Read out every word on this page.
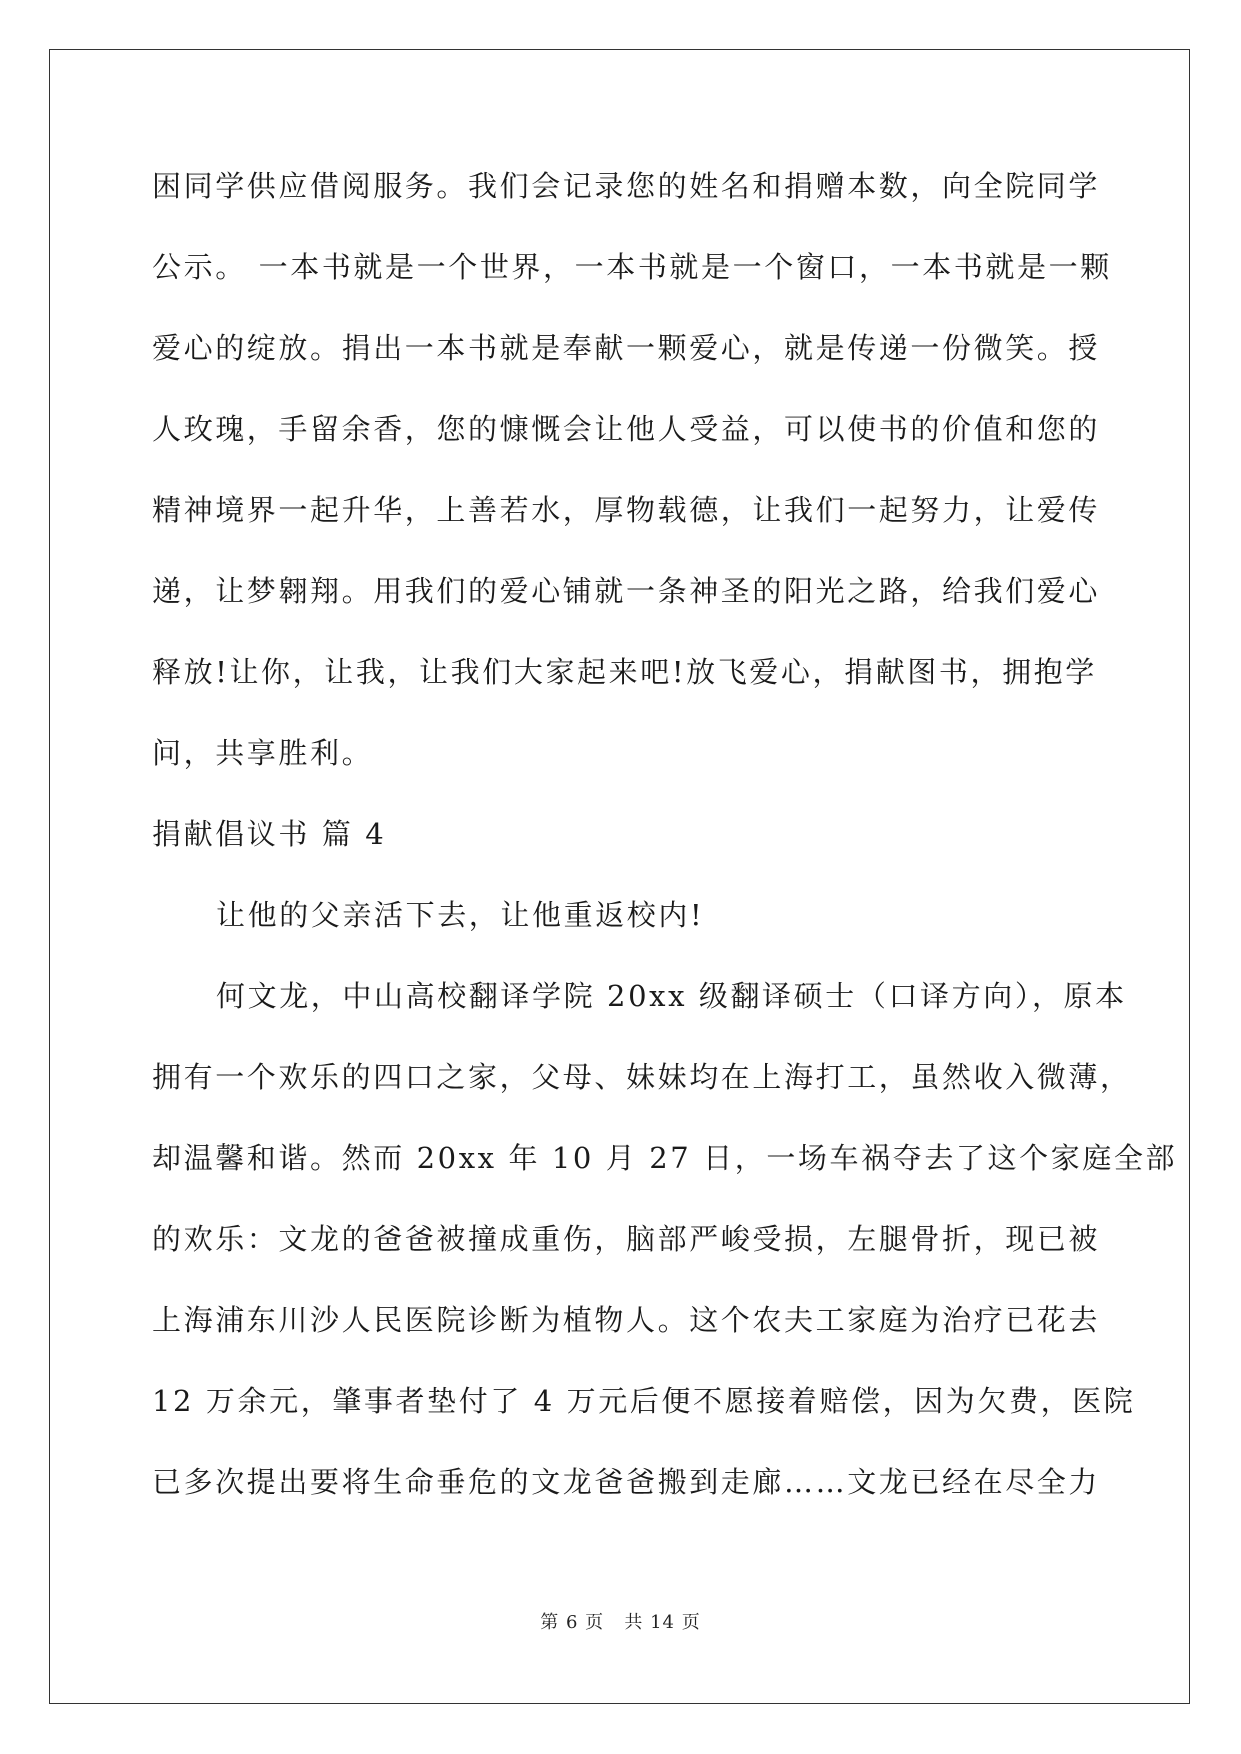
困同学供应借阅服务。我们会记录您的姓名和捐赠本数，向全院同学
公示。 一本书就是一个世界，一本书就是一个窗口，一本书就是一颗
爱心的绽放。捐出一本书就是奉献一颗爱心，就是传递一份微笑。授
人玫瑰，手留余香，您的慷慨会让他人受益，可以使书的价值和您的
精神境界一起升华，上善若水，厚物载德，让我们一起努力，让爱传
递，让梦翱翔。用我们的爱心铺就一条神圣的阳光之路，给我们爱心
释放!让你，让我，让我们大家起来吧!放飞爱心，捐献图书，拥抱学
问，共享胜利。
捐献倡议书 篇 4
让他的父亲活下去，让他重返校内!
何文龙，中山高校翻译学院 20xx 级翻译硕士（口译方向），原本
拥有一个欢乐的四口之家，父母、妹妹均在上海打工，虽然收入微薄，
却温馨和谐。然而 20xx 年 10 月 27 日，一场车祸夺去了这个家庭全部
的欢乐：文龙的爸爸被撞成重伤，脑部严峻受损，左腿骨折，现已被
上海浦东川沙人民医院诊断为植物人。这个农夫工家庭为治疗已花去
12 万余元，肇事者垫付了 4 万元后便不愿接着赔偿，因为欠费，医院
已多次提出要将生命垂危的文龙爸爸搬到走廊……文龙已经在尽全力
第 6 页   共 14 页
